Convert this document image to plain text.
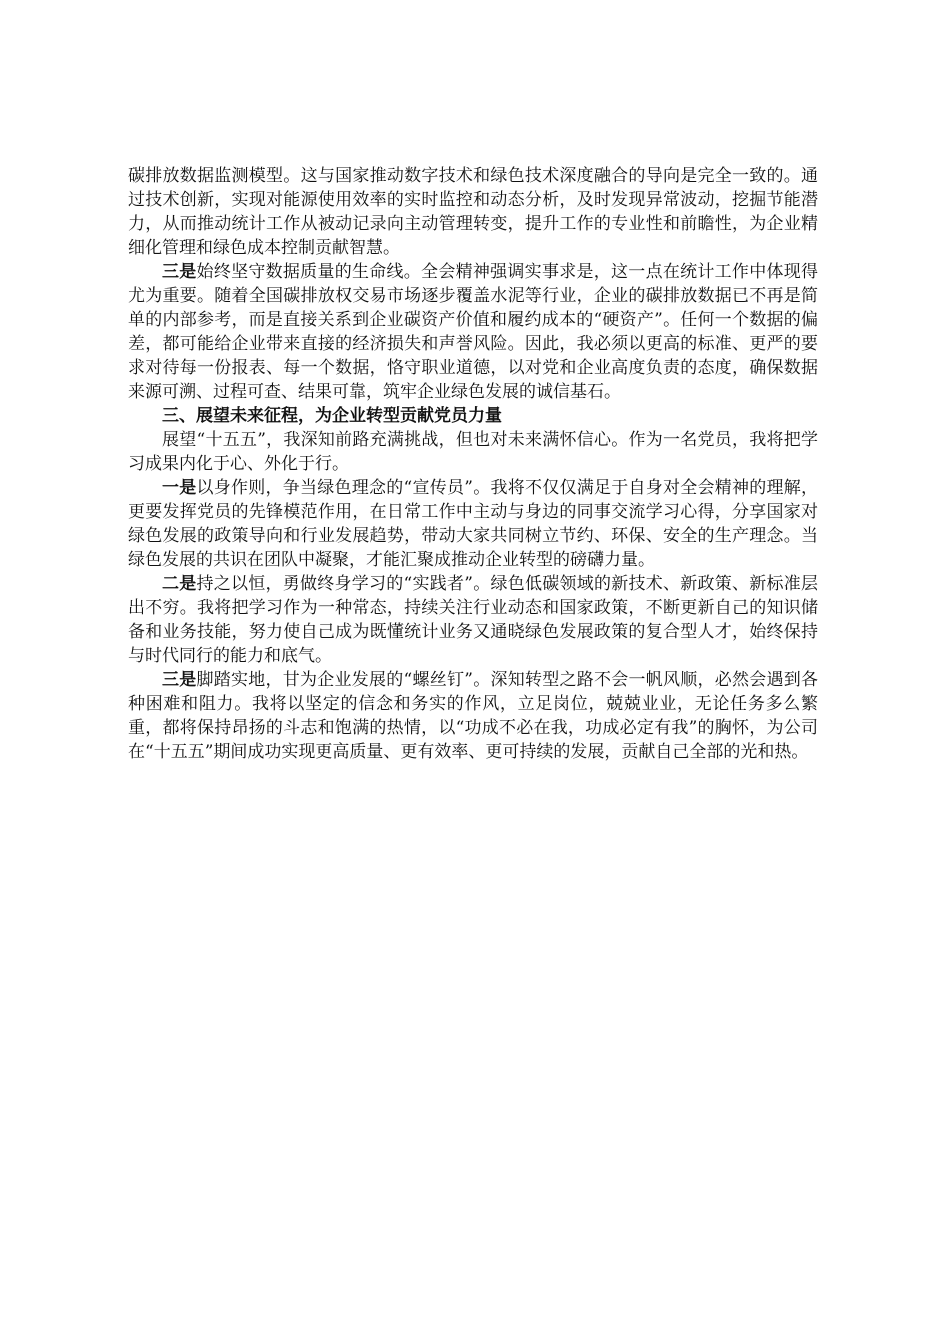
碳排放数据监测模型。这与国家推动数字技术和绿色技术深度融合的导向是完全一致的。通过技术创新，实现对能源使用效率的实时监控和动态分析，及时发现异常波动，挖掘节能潜力，从而推动统计工作从被动记录向主动管理转变，提升工作的专业性和前瞻性，为企业精细化管理和绿色成本控制贡献智慧。

三是始终坚守数据质量的生命线。全会精神强调实事求是，这一点在统计工作中体现得尤为重要。随着全国碳排放权交易市场逐步覆盖水泥等行业，企业的碳排放数据已不再是简单的内部参考，而是直接关系到企业碳资产价值和履约成本的“硬资产”。任何一个数据的偏差，都可能给企业带来直接的经济损失和声誉风险。因此，我必须以更高的标准、更严的要求对待每一份报表、每一个数据，恪守职业道德，以对党和企业高度负责的态度，确保数据来源可溯、过程可查、结果可靠，筑牢企业绿色发展的诚信基石。

三、展望未来征程，为企业转型贡献党员力量

展望“十五五”，我深知前路充满挑战，但也对未来满怀信心。作为一名党员，我将把学习成果内化于心、外化于行。

一是以身作则，争当绿色理念的“宣传员”。我将不仅仅满足于自身对全会精神的理解，更要发挥党员的先锋模范作用，在日常工作中主动与身边的同事交流学习心得，分享国家对绿色发展的政策导向和行业发展趋势，带动大家共同树立节约、环保、安全的生产理念。当绿色发展的共识在团队中凝聚，才能汇聚成推动企业转型的磅礴力量。

二是持之以恒，勇做终身学习的“实践者”。绿色低碳领域的新技术、新政策、新标准层出不穷。我将把学习作为一种常态，持续关注行业动态和国家政策，不断更新自己的知识储备和业务技能，努力使自己成为既懂统计业务又通晓绿色发展政策的复合型人才，始终保持与时代同行的能力和底气。

三是脚踏实地，甘为企业发展的“螺丝钉”。深知转型之路不会一帆风顺，必然会遇到各种困难和阻力。我将以坚定的信念和务实的作风，立足岗位，兢兢业业，无论任务多么繁重，都将保持昂扬的斗志和饱满的热情，以“功成不必在我，功成必定有我”的胸怀，为公司在“十五五”期间成功实现更高质量、更有效率、更可持续的发展，贡献自己全部的光和热。
